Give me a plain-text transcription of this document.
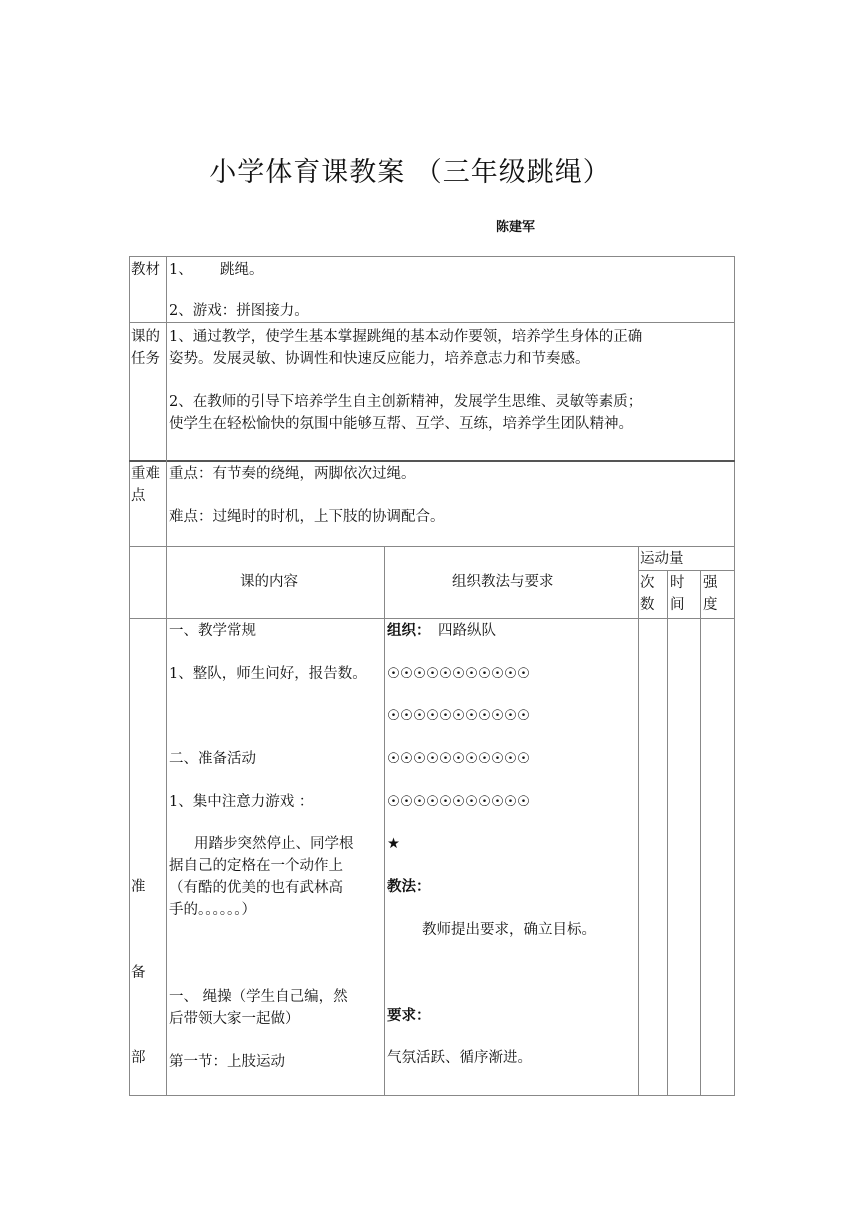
小学体育课教案 （三年级跳绳）
陈建军
教材 1、 跳绳。
2、游戏：拼图接力。
课的
任务
1、通过教学，使学生基本掌握跳绳的基本动作要领，培养学生身体的正确
姿势。发展灵敏、协调性和快速反应能力，培养意志力和节奏感。
2、在教师的引导下培养学生自主创新精神，发展学生思维、灵敏等素质；
使学生在轻松愉快的氛围中能够互帮、互学、互练，培养学生团队精神。
重难
点
重点：有节奏的绕绳，两脚依次过绳。
难点：过绳时的时机，上下肢的协调配合。
课的内容	组织教法与要求
运动量
次
数
时
间
强
度
准
备
部
一、教学常规
1、整队，师生问好，报告数。
二、准备活动
1、集中注意力游戏 ：
用踏步突然停止、同学根
据自己的定格在一个动作上
（有酷的优美的也有武林高
手的。。。。。。）
一、 绳操（学生自己编，然
后带领大家一起做）
第一节：上肢运动
组织： 四路纵队
☉☉☉☉☉☉☉☉☉☉☉
☉☉☉☉☉☉☉☉☉☉☉
☉☉☉☉☉☉☉☉☉☉☉
☉☉☉☉☉☉☉☉☉☉☉
★
教法：
教师提出要求，确立目标。
要求：
气氛活跃、循序渐进。
